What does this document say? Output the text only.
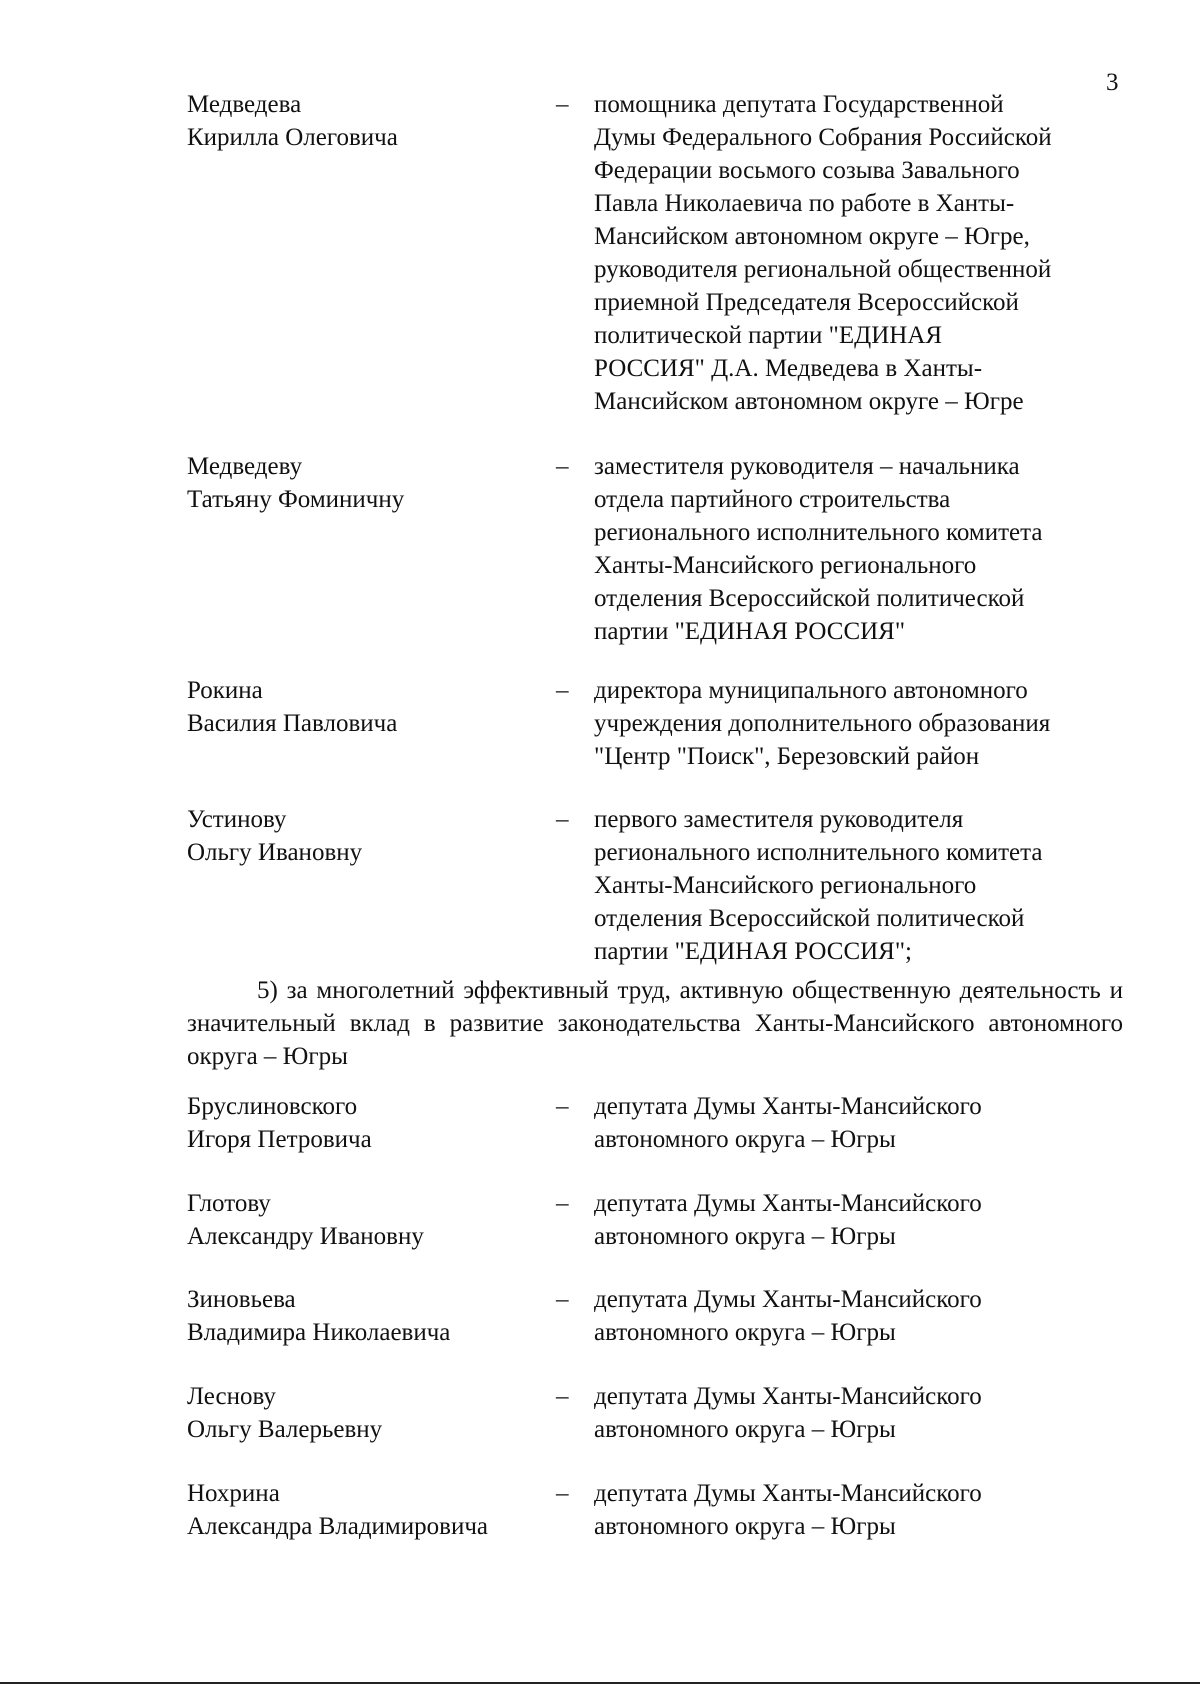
3
Медведева
Кирилла Олеговича
– помощника депутата Государственной
Думы Федерального Собрания Российской
Федерации восьмого созыва Завального
Павла Николаевича по работе в Ханты-
Мансийском автономном округе – Югре,
руководителя региональной общественной
приемной Председателя Всероссийской
политической партии "ЕДИНАЯ
РОССИЯ" Д.А. Медведева в Ханты-
Мансийском автономном округе – Югре
Медведеву
Татьяну Фоминичну
– заместителя руководителя – начальника
отдела партийного строительства
регионального исполнительного комитета
Ханты-Мансийского регионального
отделения Всероссийской политической
партии "ЕДИНАЯ РОССИЯ"
Рокина
Василия Павловича
– директора муниципального автономного
учреждения дополнительного образования
"Центр "Поиск", Березовский район
Устинову
Ольгу Ивановну
– первого заместителя руководителя
регионального исполнительного комитета
Ханты-Мансийского регионального
отделения Всероссийской политической
партии "ЕДИНАЯ РОССИЯ";
Бруслиновского
Игоря Петровича
– депутата Думы Ханты-Мансийского
автономного округа – Югры
Глотову
Александру Ивановну
– депутата Думы Ханты-Мансийского
автономного округа – Югры
Зиновьева
Владимира Николаевича
– депутата Думы Ханты-Мансийского
автономного округа – Югры
Леснову
Ольгу Валерьевну
– депутата Думы Ханты-Мансийского
автономного округа – Югры
Нохрина
Александра Владимировича
– депутата Думы Ханты-Мансийского
автономного округа – Югры
5) за многолетний эффективный труд, активную общественную деятельность и значительный вклад в развитие законодательства Ханты-Мансийского автономного округа – Югры
